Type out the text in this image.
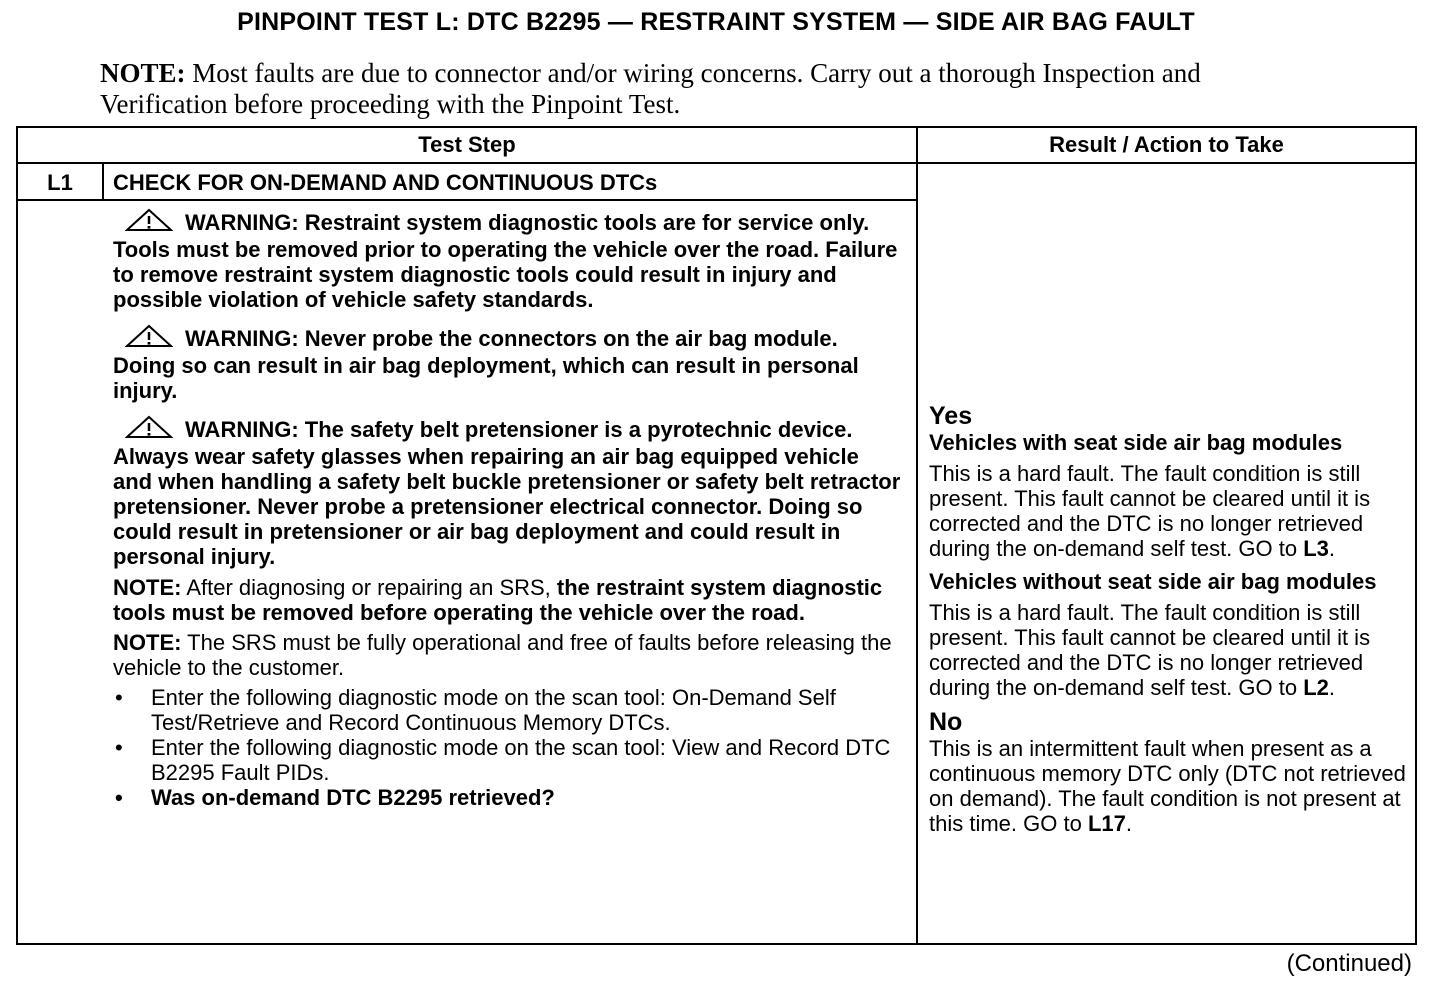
PINPOINT TEST L: DTC B2295 — RESTRAINT SYSTEM — SIDE AIR BAG FAULT
NOTE: Most faults are due to connector and/or wiring concerns. Carry out a thorough Inspection and Verification before proceeding with the Pinpoint Test.
Test Step	Result / Action to Take
L1	CHECK FOR ON-DEMAND AND CONTINUOUS DTCs
WARNING: Restraint system diagnostic tools are for service only. Tools must be removed prior to operating the vehicle over the road. Failure to remove restraint system diagnostic tools could result in injury and possible violation of vehicle safety standards.
WARNING: Never probe the connectors on the air bag module. Doing so can result in air bag deployment, which can result in personal injury.
WARNING: The safety belt pretensioner is a pyrotechnic device. Always wear safety glasses when repairing an air bag equipped vehicle and when handling a safety belt buckle pretensioner or safety belt retractor pretensioner. Never probe a pretensioner electrical connector. Doing so could result in pretensioner or air bag deployment and could result in personal injury.
NOTE: After diagnosing or repairing an SRS, the restraint system diagnostic tools must be removed before operating the vehicle over the road.
NOTE: The SRS must be fully operational and free of faults before releasing the vehicle to the customer.
• Enter the following diagnostic mode on the scan tool: On-Demand Self Test/Retrieve and Record Continuous Memory DTCs.
• Enter the following diagnostic mode on the scan tool: View and Record DTC B2295 Fault PIDs.
• Was on-demand DTC B2295 retrieved?
Yes
Vehicles with seat side air bag modules

This is a hard fault. The fault condition is still present. This fault cannot be cleared until it is corrected and the DTC is no longer retrieved during the on-demand self test. GO to L3.

Vehicles without seat side air bag modules

This is a hard fault. The fault condition is still present. This fault cannot be cleared until it is corrected and the DTC is no longer retrieved during the on-demand self test. GO to L2.

No

This is an intermittent fault when present as a continuous memory DTC only (DTC not retrieved on demand). The fault condition is not present at this time. GO to L17.

(Continued)
